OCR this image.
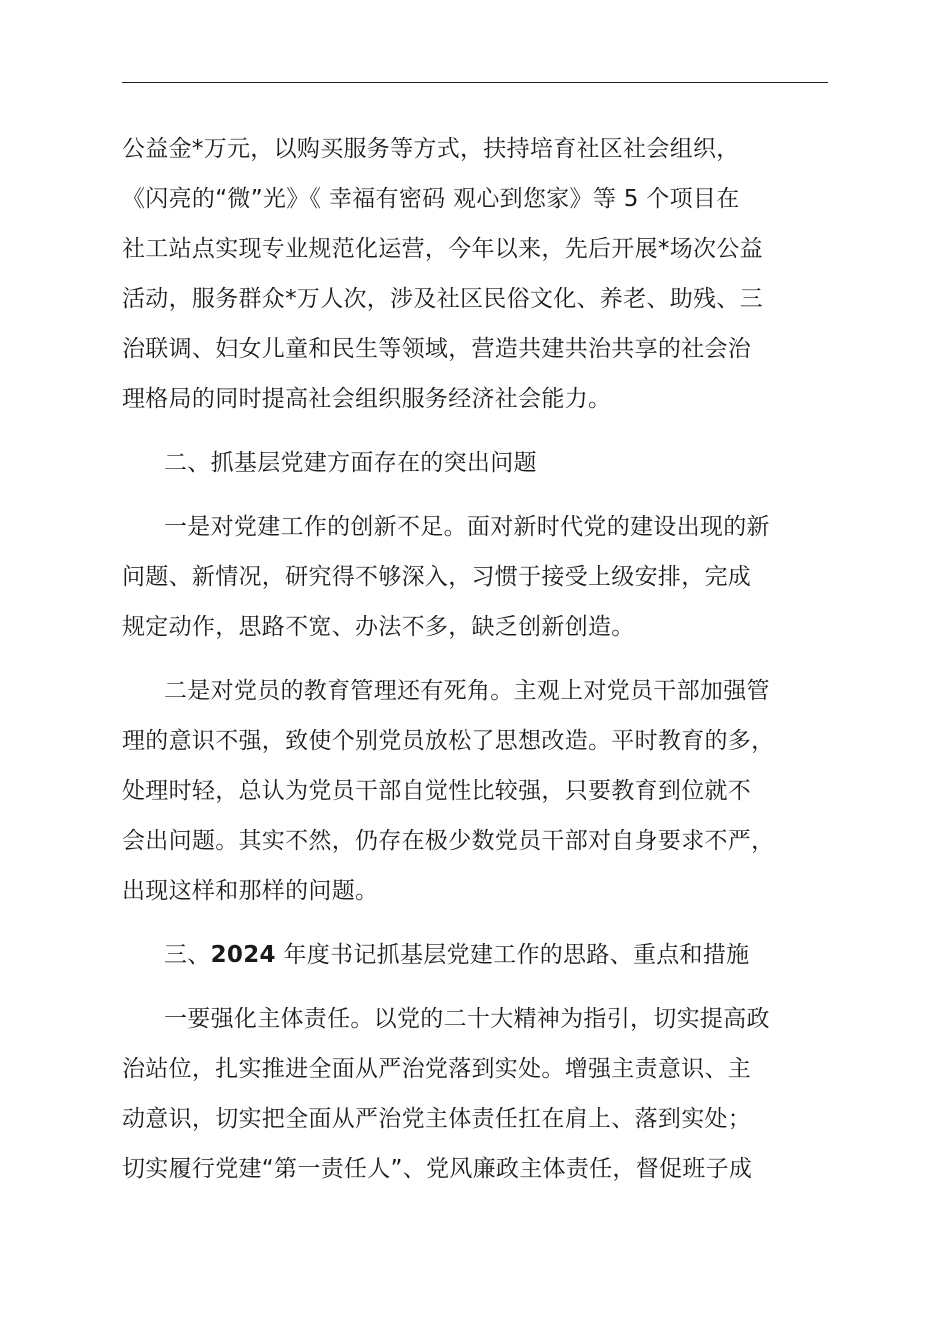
公益金*万元，以购买服务等方式，扶持培育社区社会组织，
《闪亮的“微”光》《 幸福有密码 观心到您家》等 5 个项目在
社工站点实现专业规范化运营，今年以来，先后开展*场次公益
活动，服务群众*万人次，涉及社区民俗文化、养老、助残、三
治联调、妇女儿童和民生等领域，营造共建共治共享的社会治
理格局的同时提高社会组织服务经济社会能力。
二、抓基层党建方面存在的突出问题
一是对党建工作的创新不足。面对新时代党的建设出现的新
问题、新情况，研究得不够深入，习惯于接受上级安排，完成
规定动作，思路不宽、办法不多，缺乏创新创造。
二是对党员的教育管理还有死角。主观上对党员干部加强管
理的意识不强，致使个别党员放松了思想改造。平时教育的多，
处理时轻，总认为党员干部自觉性比较强，只要教育到位就不
会出问题。其实不然，仍存在极少数党员干部对自身要求不严，
出现这样和那样的问题。
三、2024 年度书记抓基层党建工作的思路、重点和措施
一要强化主体责任。以党的二十大精神为指引，切实提高政
治站位，扎实推进全面从严治党落到实处。增强主责意识、主
动意识，切实把全面从严治党主体责任扛在肩上、落到实处；
切实履行党建“第一责任人”、党风廉政主体责任，督促班子成
